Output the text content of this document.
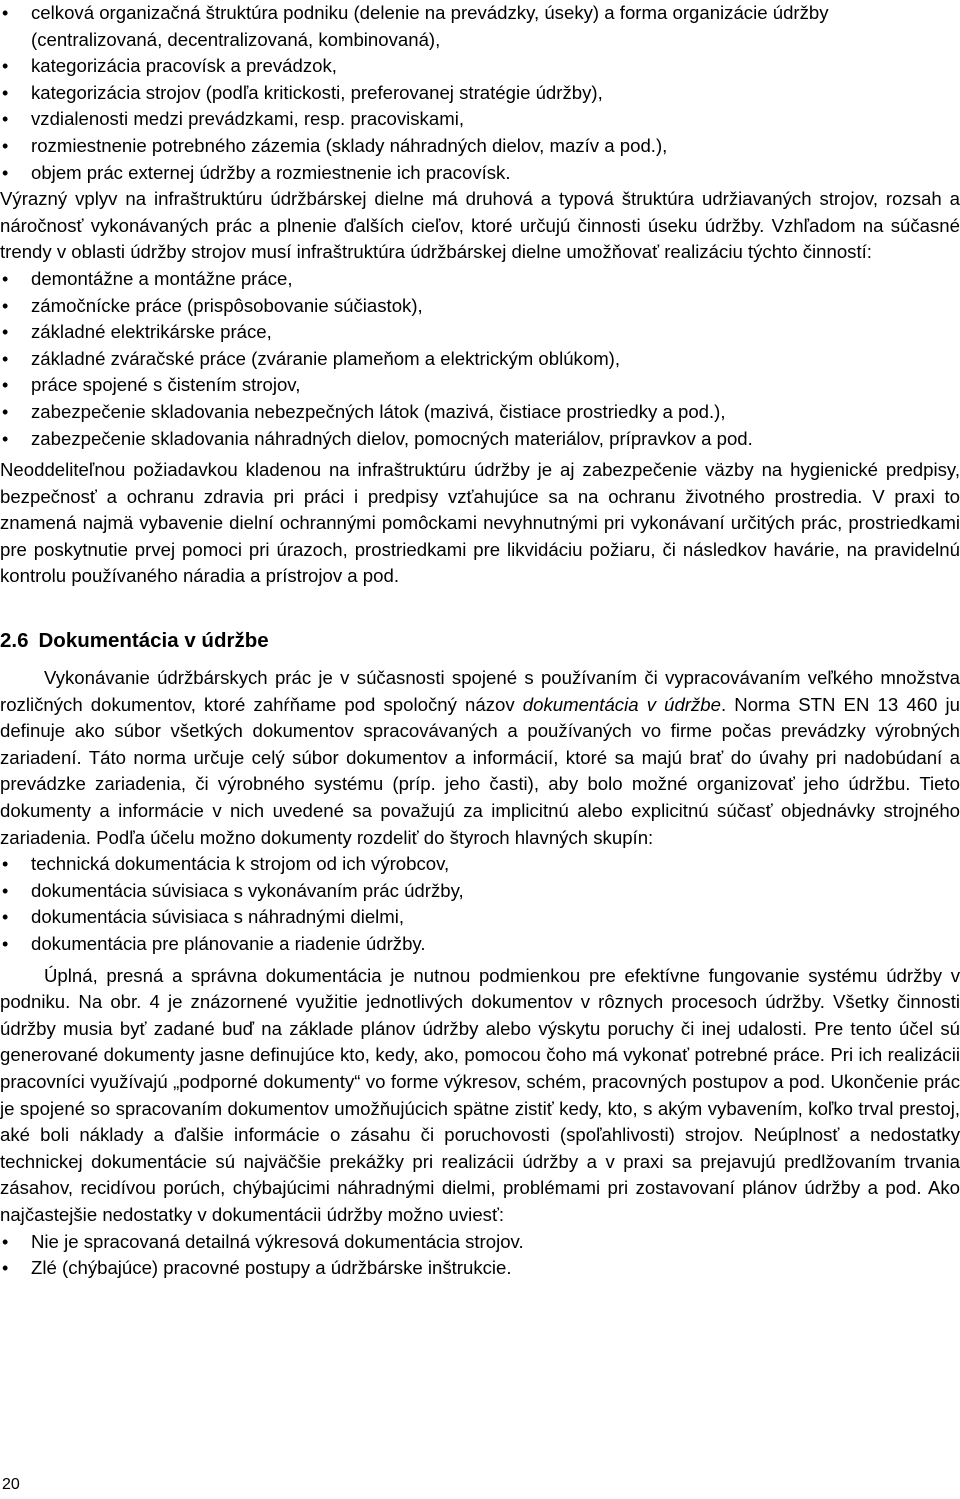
• celková organizačná štruktúra podniku (delenie na prevádzky, úseky) a forma organizácie údržby (centralizovaná, decentralizovaná, kombinovaná),
• kategorizácia pracovísk a prevádzok,
• kategorizácia strojov (podľa kritickosti, preferovanej stratégie údržby),
• vzdialenosti medzi prevádzkami, resp. pracoviskami,
• rozmiestnenie potrebného zázemia (sklady náhradných dielov, mazív a pod.),
• objem prác externej údržby a rozmiestnenie ich pracovísk.

Výrazný vplyv na infraštruktúru údržbárskej dielne má druhová a typová štruktúra udržiavaných strojov, rozsah a náročnosť vykonávaných prác a plnenie ďalších cieľov, ktoré určujú činnosti úseku údržby. Vzhľadom na súčasné trendy v oblasti údržby strojov musí infraštruktúra údržbárskej dielne umožňovať realizáciu týchto činností:

• demontážne a montážne práce,
• zámočnícke práce (prispôsobovanie súčiastok),
• základné elektrikárske práce,
• základné zváračské práce (zváranie plameňom a elektrickým oblúkom),
• práce spojené s čistením strojov,
• zabezpečenie skladovania nebezpečných látok (mazivá, čistiace prostriedky a pod.),
• zabezpečenie skladovania náhradných dielov, pomocných materiálov, prípravkov a pod.

Neoddeliteľnou požiadavkou kladenou na infraštruktúru údržby je aj zabezpečenie väzby na hygienické predpisy, bezpečnosť a ochranu zdravia pri práci i predpisy vzťahujúce sa na ochranu životného prostredia. V praxi to znamená najmä vybavenie dielní ochrannými pomôckami nevyhnutnými pri vykonávaní určitých prác, prostriedkami pre poskytnutie prvej pomoci pri úrazoch, prostriedkami pre likvidáciu požiaru, či následkov havárie, na pravidelnú kontrolu používaného náradia a prístrojov a pod.

2.6 Dokumentácia v údržbe

Vykonávanie údržbárskych prác je v súčasnosti spojené s používaním či vypracovávaním veľkého množstva rozličných dokumentov, ktoré zahŕňame pod spoločný názov dokumentácia v údržbe. Norma STN EN 13 460 ju definuje ako súbor všetkých dokumentov spracovávaných a používaných vo firme počas prevádzky výrobných zariadení. Táto norma určuje celý súbor dokumentov a informácií, ktoré sa majú brať do úvahy pri nadobúdaní a prevádzke zariadenia, či výrobného systému (príp. jeho časti), aby bolo možné organizovať jeho údržbu. Tieto dokumenty a informácie v nich uvedené sa považujú za implicitnú alebo explicitnú súčasť objednávky strojného zariadenia. Podľa účelu možno dokumenty rozdeliť do štyroch hlavných skupín:

• technická dokumentácia k strojom od ich výrobcov,
• dokumentácia súvisiaca s vykonávaním prác údržby,
• dokumentácia súvisiaca s náhradnými dielmi,
• dokumentácia pre plánovanie a riadenie údržby.

Úplná, presná a správna dokumentácia je nutnou podmienkou pre efektívne fungovanie systému údržby v podniku. Na obr. 4 je znázornené využitie jednotlivých dokumentov v rôznych procesoch údržby. Všetky činnosti údržby musia byť zadané buď na základe plánov údržby alebo výskytu poruchy či inej udalosti. Pre tento účel sú generované dokumenty jasne definujúce kto, kedy, ako, pomocou čoho má vykonať potrebné práce. Pri ich realizácii pracovníci využívajú „podporné dokumenty“ vo forme výkresov, schém, pracovných postupov a pod. Ukončenie prác je spojené so spracovaním dokumentov umožňujúcich spätne zistiť kedy, kto, s akým vybavením, koľko trval prestoj, aké boli náklady a ďalšie informácie o zásahu či poruchovosti (spoľahlivosti) strojov. Neúplnosť a nedostatky technickej dokumentácie sú najväčšie prekážky pri realizácii údržby a v praxi sa prejavujú predlžovaním trvania zásahov, recidívou porúch, chýbajúcimi náhradnými dielmi, problémami pri zostavovaní plánov údržby a pod. Ako najčastejšie nedostatky v dokumentácii údržby možno uviesť:

• Nie je spracovaná detailná výkresová dokumentácia strojov.
• Zlé (chýbajúce) pracovné postupy a údržbárske inštrukcie.
20
